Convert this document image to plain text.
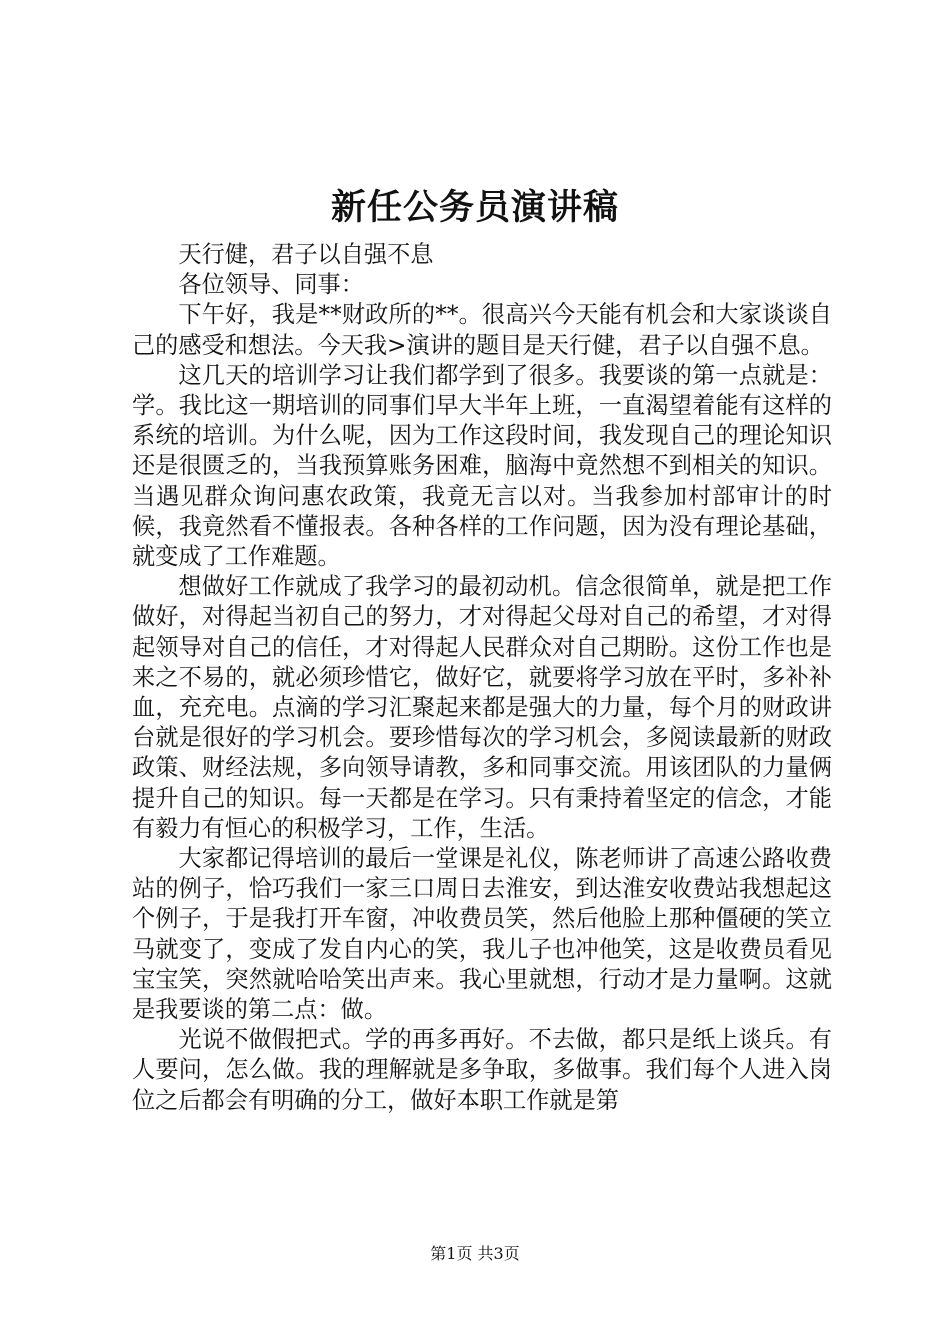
新任公务员演讲稿

天行健，君子以自强不息

各位领导、同事：

下午好，我是**财政所的**。很高兴今天能有机会和大家谈谈自己的感受和想法。今天我>演讲的题目是天行健，君子以自强不息。

这几天的培训学习让我们都学到了很多。我要谈的第一点就是：学。我比这一期培训的同事们早大半年上班，一直渴望着能有这样的系统的培训。为什么呢，因为工作这段时间，我发现自己的理论知识还是很匮乏的，当我预算账务困难，脑海中竟然想不到相关的知识。当遇见群众询问惠农政策，我竟无言以对。当我参加村部审计的时候，我竟然看不懂报表。各种各样的工作问题，因为没有理论基础，就变成了工作难题。

想做好工作就成了我学习的最初动机。信念很简单，就是把工作做好，对得起当初自己的努力，才对得起父母对自己的希望，才对得起领导对自己的信任，才对得起人民群众对自己期盼。这份工作也是来之不易的，就必须珍惜它，做好它，就要将学习放在平时，多补补血，充充电。点滴的学习汇聚起来都是强大的力量，每个月的财政讲台就是很好的学习机会。要珍惜每次的学习机会，多阅读最新的财政政策、财经法规，多向领导请教，多和同事交流。用该团队的力量俩提升自己的知识。每一天都是在学习。只有秉持着坚定的信念，才能有毅力有恒心的积极学习，工作，生活。

大家都记得培训的最后一堂课是礼仪，陈老师讲了高速公路收费站的例子，恰巧我们一家三口周日去淮安，到达淮安收费站我想起这个例子，于是我打开车窗，冲收费员笑，然后他脸上那种僵硬的笑立马就变了，变成了发自内心的笑，我儿子也冲他笑，这是收费员看见宝宝笑，突然就哈哈笑出声来。我心里就想，行动才是力量啊。这就是我要谈的第二点：做。

光说不做假把式。学的再多再好。不去做，都只是纸上谈兵。有人要问，怎么做。我的理解就是多争取，多做事。我们每个人进入岗位之后都会有明确的分工，做好本职工作就是第

第1页 共3页
